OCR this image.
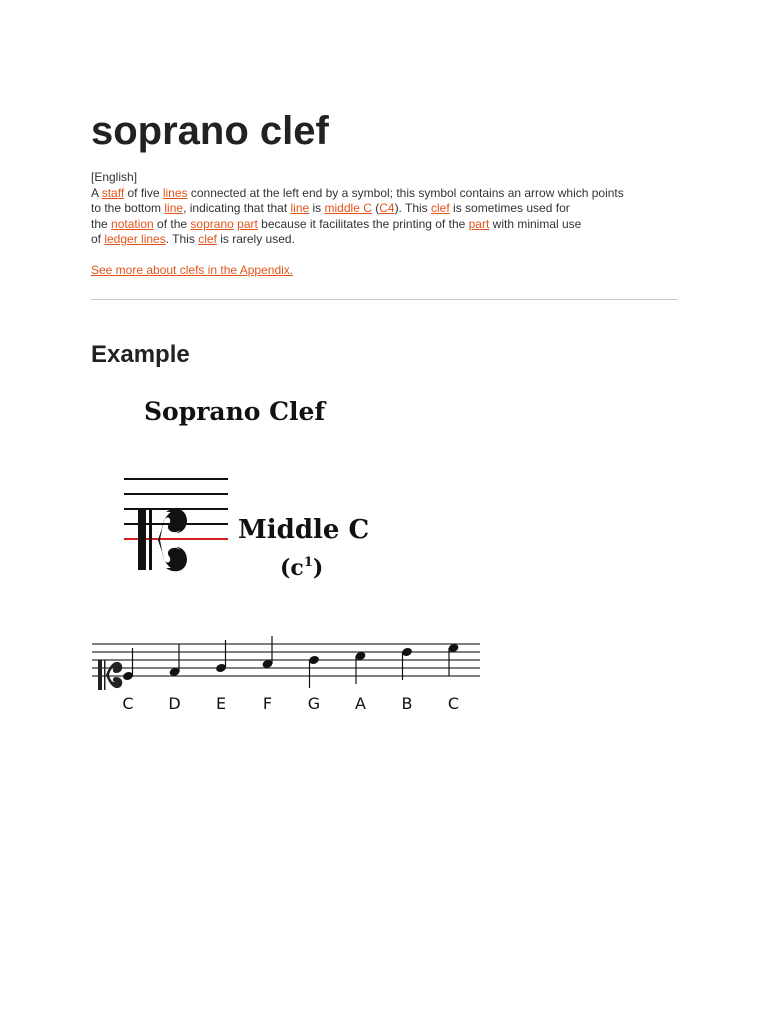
soprano clef
[English]
A staff of five lines connected at the left end by a symbol; this symbol contains an arrow which points
to the bottom line, indicating that that line is middle C (C4). This clef is sometimes used for
the notation of the soprano part because it facilitates the printing of the part with minimal use
of ledger lines. This clef is rarely used.
See more about clefs in the Appendix.
Example
Soprano Clef
Middle C
$(c^1)$
C D E F G A B C
